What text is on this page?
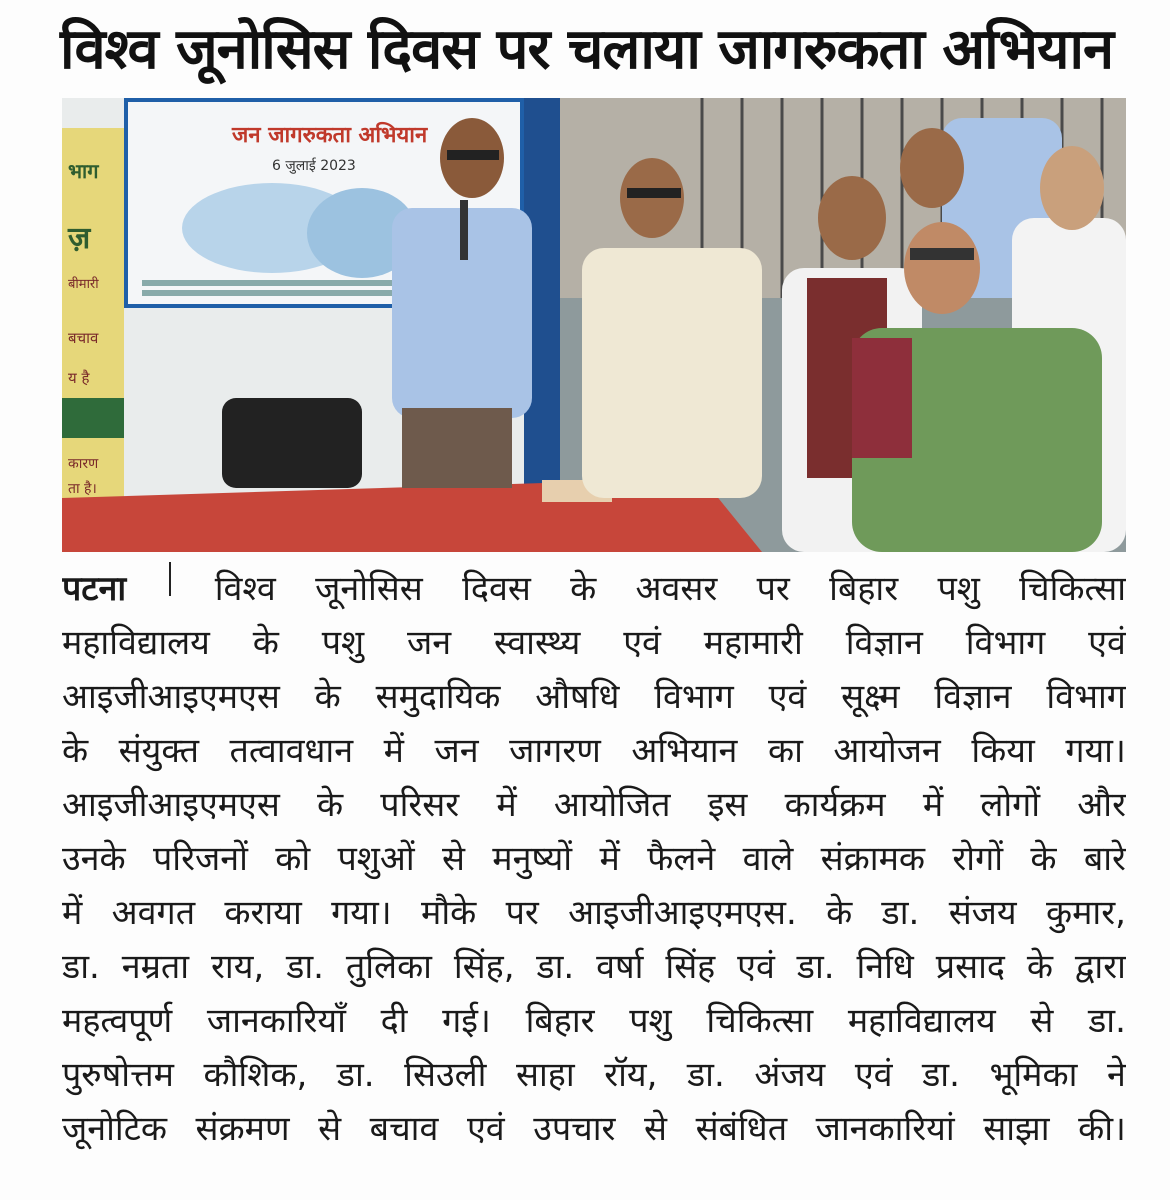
विश्व जूनोसिस दिवस पर चलाया जागरुकता अभियान
भाग
ज़
बीमारी
बचाव
य है
कारण
ता है।
जन जागरुकता अभियान
6 जुलाई 2023
पटना	विश्व जूनोसिस दिवस के अवसर पर बिहार पशु चिकित्सा
महाविद्यालय के पशु जन स्वास्थ्य एवं महामारी विज्ञान विभाग एवं
आइजीआइएमएस के समुदायिक औषधि विभाग एवं सूक्ष्म विज्ञान विभाग
के संयुक्त तत्वावधान में जन जागरण अभियान का आयोजन किया गया।
आइजीआइएमएस के परिसर में आयोजित इस कार्यक्रम में लोगों और
उनके परिजनों को पशुओं से मनुष्यों में फैलने वाले संक्रामक रोगों के बारे
में अवगत कराया गया। मौके पर आइजीआइएमएस. के डा. संजय कुमार,
डा. नम्रता राय, डा. तुलिका सिंह, डा. वर्षा सिंह एवं डा. निधि प्रसाद के द्वारा
महत्वपूर्ण जानकारियाँ दी गई। बिहार पशु चिकित्सा महाविद्यालय से डा.
पुरुषोत्तम कौशिक, डा. सिउली साहा रॉय, डा. अंजय एवं डा. भूमिका ने
जूनोटिक संक्रमण से बचाव एवं उपचार से संबंधित जानकारियां साझा की।
